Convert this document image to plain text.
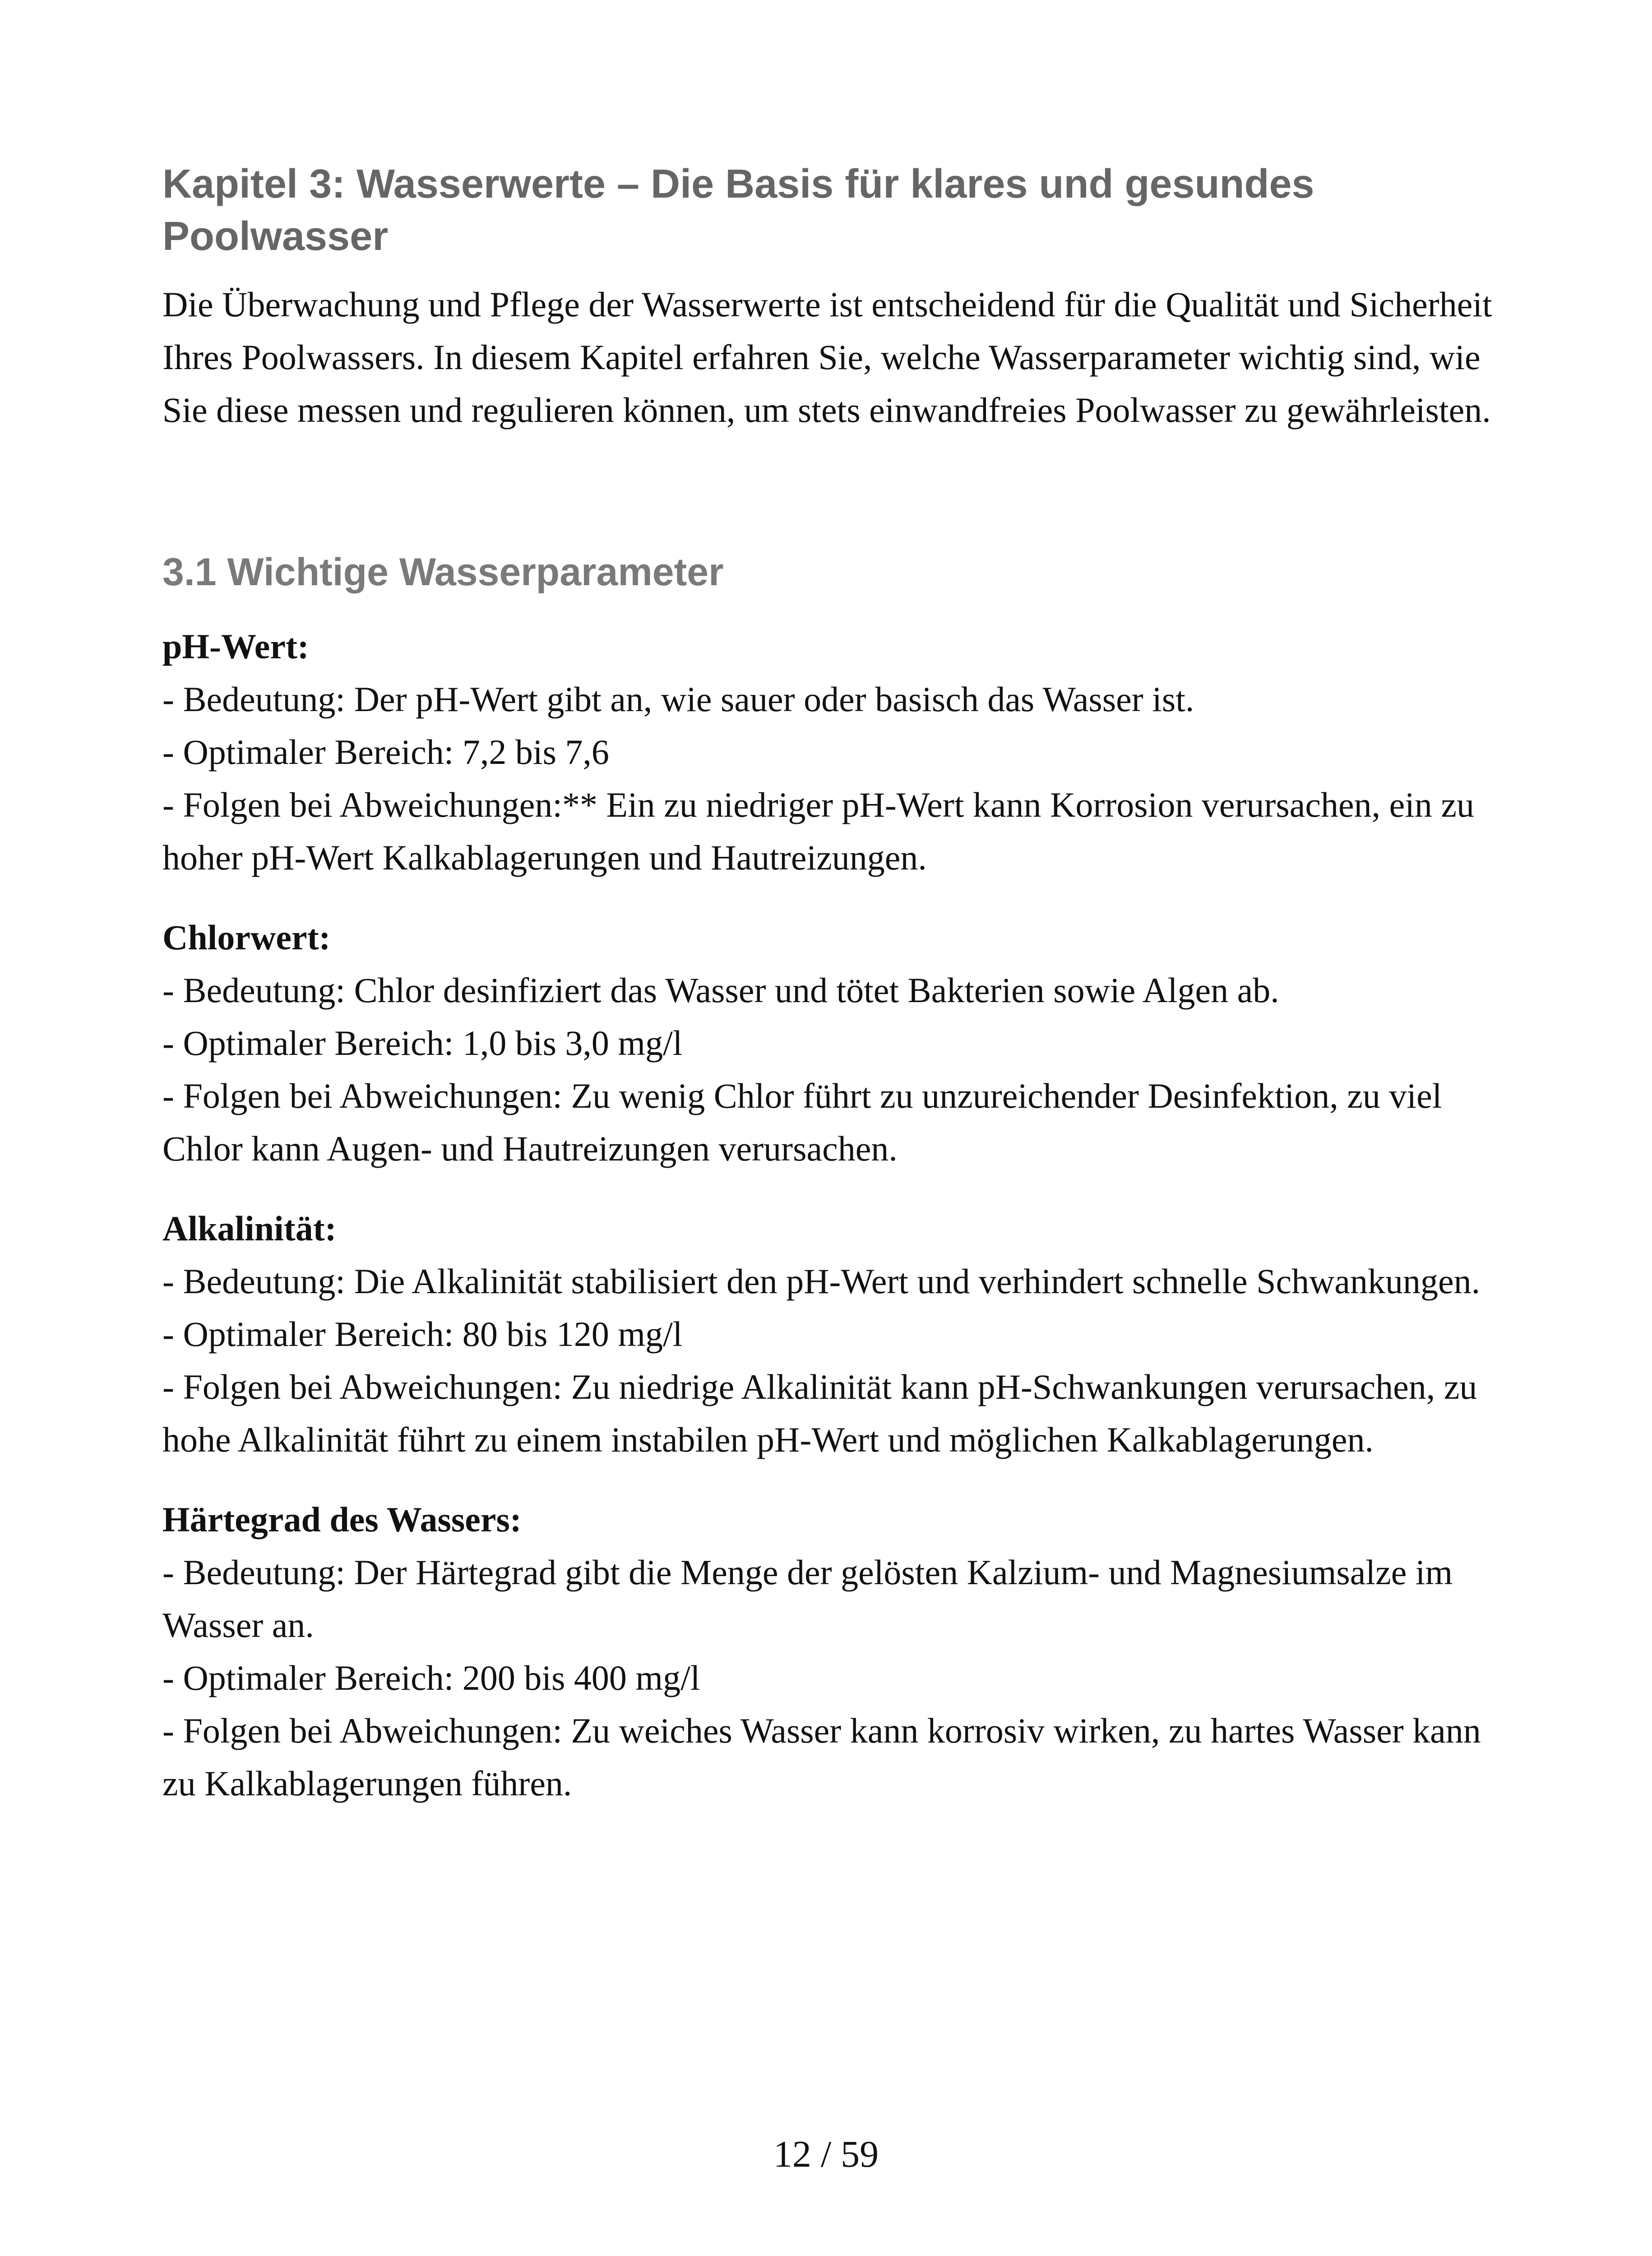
Kapitel 3: Wasserwerte – Die Basis für klares und gesundes Poolwasser

Die Überwachung und Pflege der Wasserwerte ist entscheidend für die Qualität und Sicherheit Ihres Poolwassers. In diesem Kapitel erfahren Sie, welche Wasserparameter wichtig sind, wie Sie diese messen und regulieren können, um stets einwandfreies Poolwasser zu gewährleisten.

3.1 Wichtige Wasserparameter
pH-Wert:
- Bedeutung: Der pH-Wert gibt an, wie sauer oder basisch das Wasser ist.
- Optimaler Bereich: 7,2 bis 7,6
- Folgen bei Abweichungen:** Ein zu niedriger pH-Wert kann Korrosion verursachen, ein zu hoher pH-Wert Kalkablagerungen und Hautreizungen.
Chlorwert:
- Bedeutung: Chlor desinfiziert das Wasser und tötet Bakterien sowie Algen ab.
- Optimaler Bereich: 1,0 bis 3,0 mg/l
- Folgen bei Abweichungen: Zu wenig Chlor führt zu unzureichender Desinfektion, zu viel Chlor kann Augen- und Hautreizungen verursachen.
Alkalinität:
- Bedeutung: Die Alkalinität stabilisiert den pH-Wert und verhindert schnelle Schwankungen.
- Optimaler Bereich: 80 bis 120 mg/l
- Folgen bei Abweichungen: Zu niedrige Alkalinität kann pH-Schwankungen verursachen, zu hohe Alkalinität führt zu einem instabilen pH-Wert und möglichen Kalkablagerungen.
Härtegrad des Wassers:
- Bedeutung: Der Härtegrad gibt die Menge der gelösten Kalzium- und Magnesiumsalze im Wasser an.
- Optimaler Bereich: 200 bis 400 mg/l
- Folgen bei Abweichungen: Zu weiches Wasser kann korrosiv wirken, zu hartes Wasser kann zu Kalkablagerungen führen.
12 / 59
